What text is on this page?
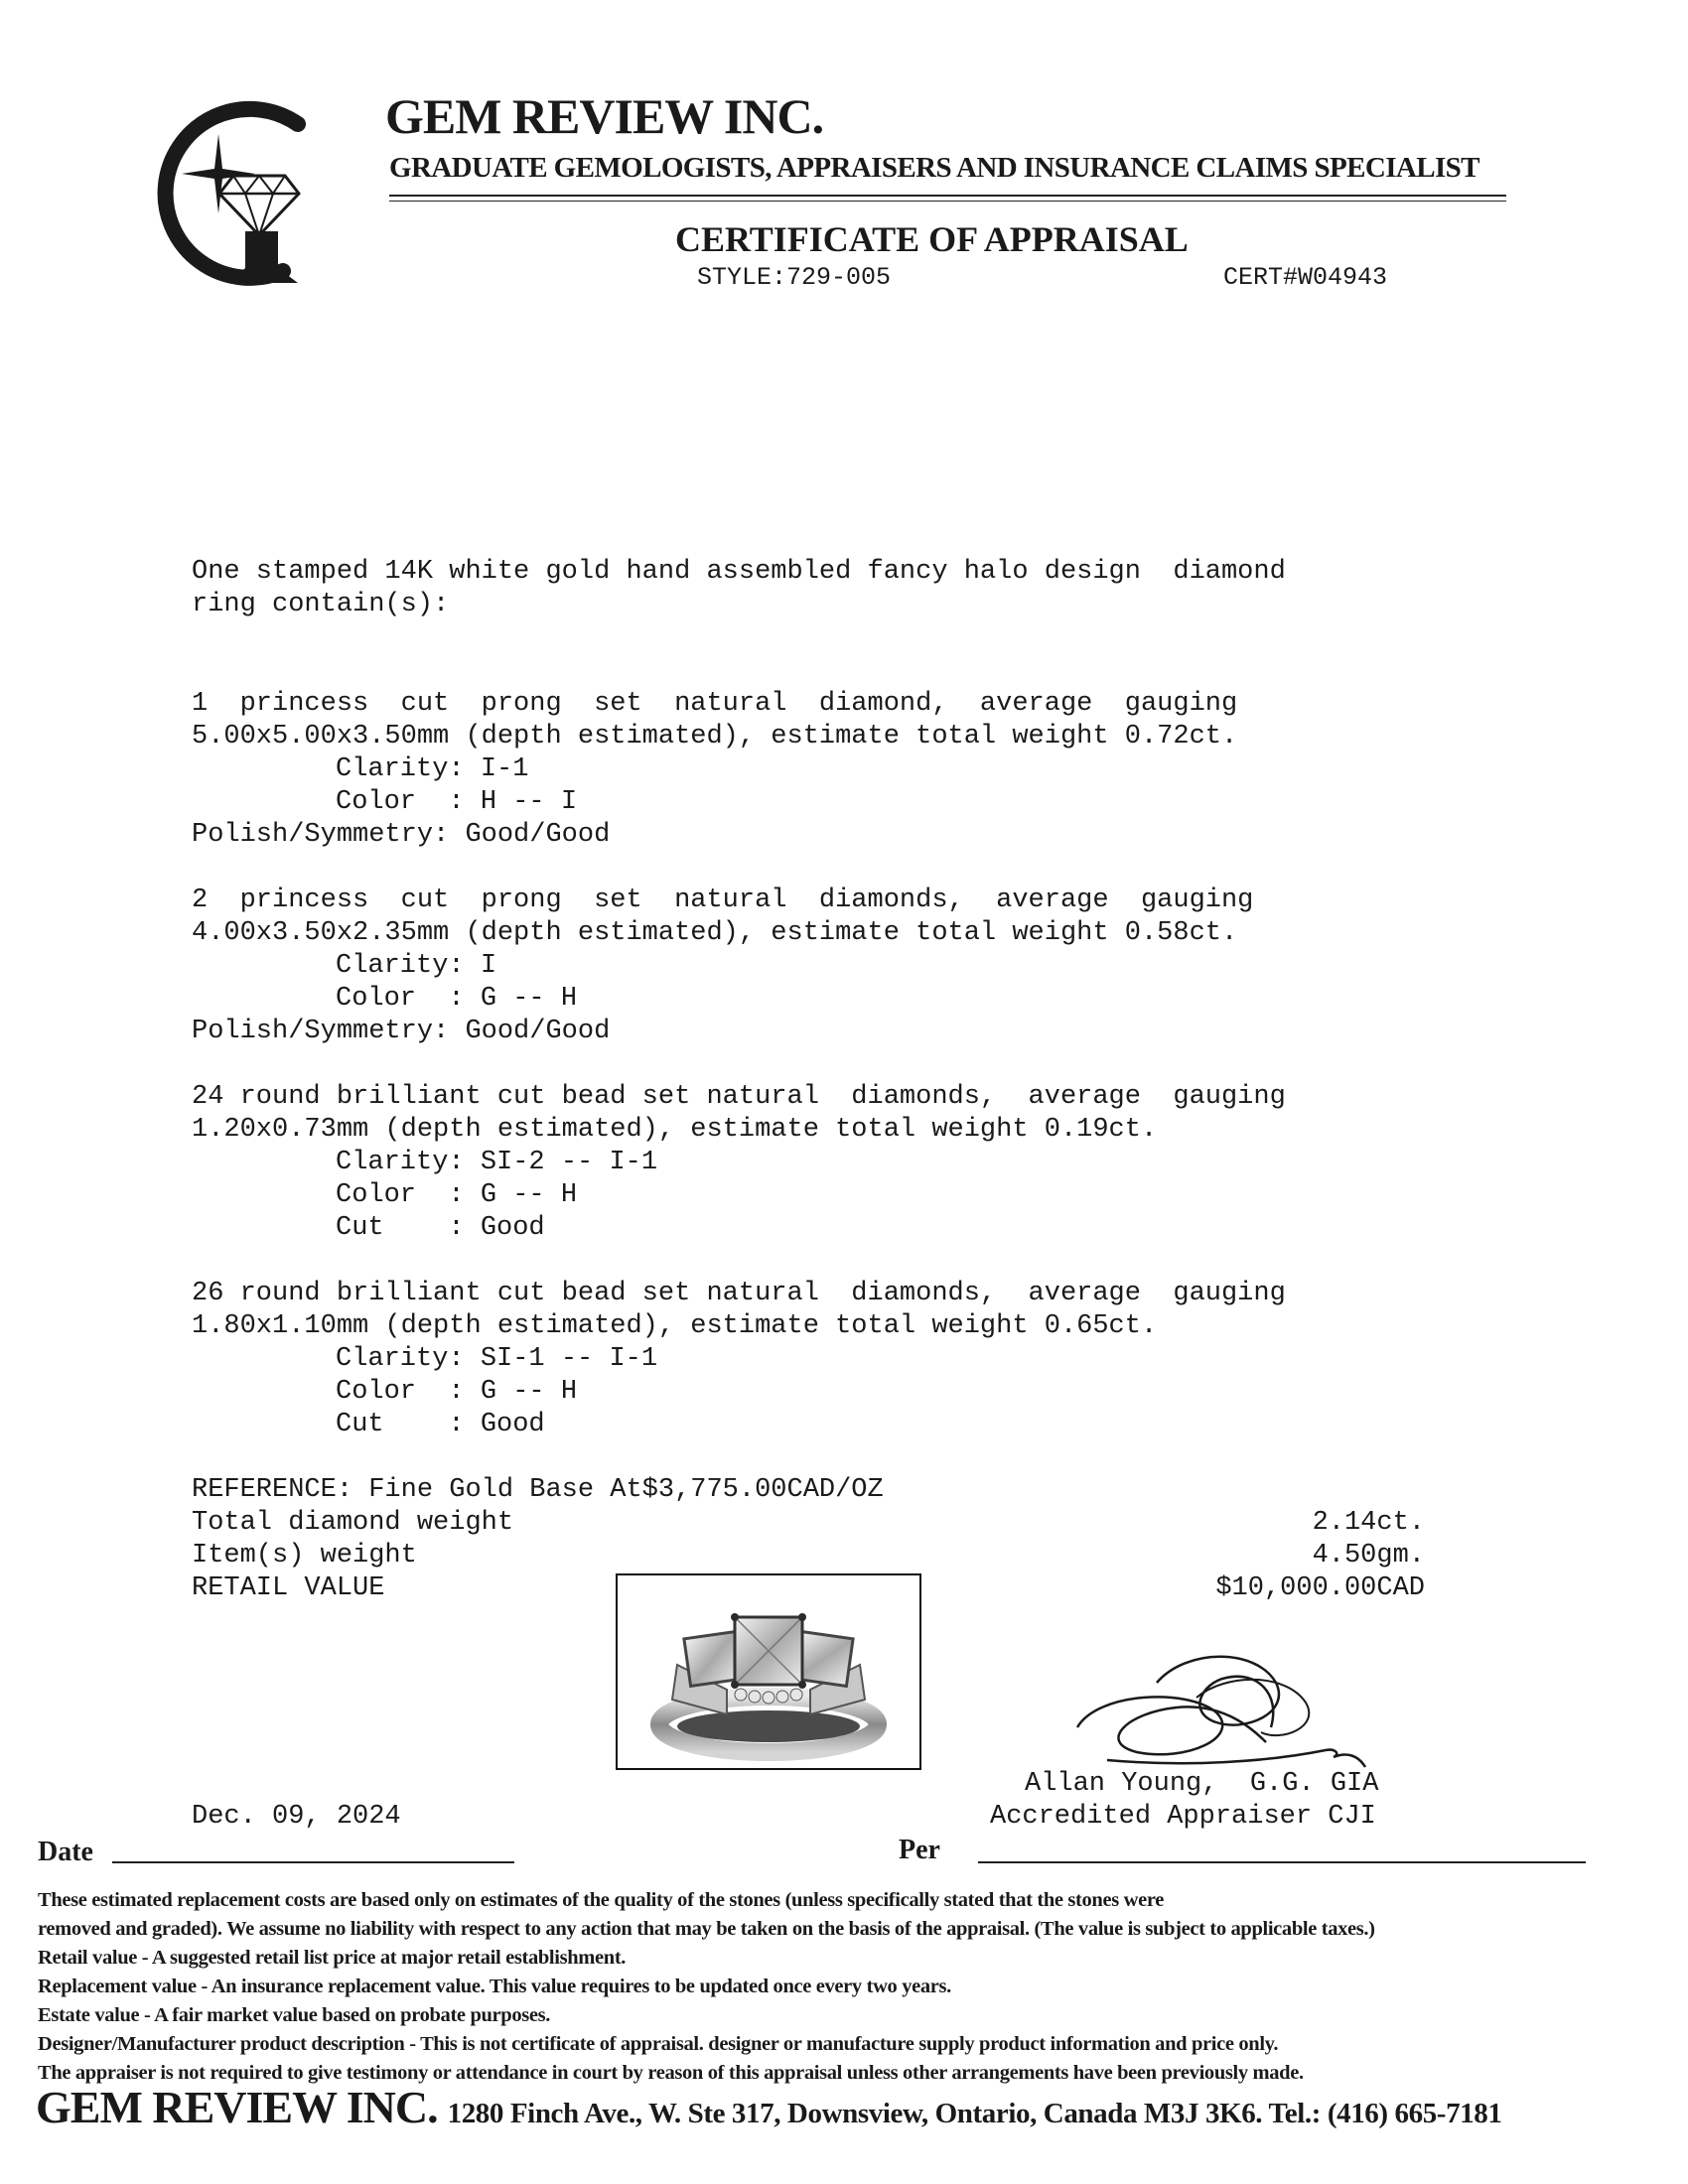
GEM REVIEW INC.
GRADUATE GEMOLOGISTS, APPRAISERS AND INSURANCE CLAIMS SPECIALIST
CERTIFICATE OF APPRAISAL
STYLE:729-005	CERT#W04943
One stamped 14K white gold hand assembled fancy halo design  diamond
ring contain(s):
1  princess  cut  prong  set  natural  diamond,  average  gauging
5.00x5.00x3.50mm (depth estimated), estimate total weight 0.72ct.
Clarity: I-1
Color  : H -- I
Polish/Symmetry: Good/Good
2  princess  cut  prong  set  natural  diamonds,  average  gauging
4.00x3.50x2.35mm (depth estimated), estimate total weight 0.58ct.
Clarity: I
Color  : G -- H
Polish/Symmetry: Good/Good
24 round brilliant cut bead set natural  diamonds,  average  gauging
1.20x0.73mm (depth estimated), estimate total weight 0.19ct.
Clarity: SI-2 -- I-1
Color  : G -- H
Cut    : Good
26 round brilliant cut bead set natural  diamonds,  average  gauging
1.80x1.10mm (depth estimated), estimate total weight 0.65ct.
Clarity: SI-1 -- I-1
Color  : G -- H
Cut    : Good
REFERENCE: Fine Gold Base At$3,775.00CAD/OZ
Total diamond weight	2.14ct.
Item(s) weight	4.50gm.
RETAIL VALUE	$10,000.00CAD
Allan Young,  G.G. GIA
Accredited Appraiser CJI
Dec. 09, 2024
Date	Per
These estimated replacement costs are based only on estimates of the quality of the stones (unless specifically stated that the stones were
removed and graded). We assume no liability with respect to any action that may be taken on the basis of the appraisal. (The value is subject to applicable taxes.)
Retail value - A suggested retail list price at major retail establishment.
Replacement value - An insurance replacement value. This value requires to be updated once every two years.
Estate value - A fair market value based on probate purposes.
Designer/Manufacturer product description - This is not certificate of appraisal. designer or manufacture supply product information and price only.
The appraiser is not required to give testimony or attendance in court by reason of this appraisal unless other arrangements have been previously made.
GEM REVIEW INC. 1280 Finch Ave., W. Ste 317, Downsview, Ontario, Canada M3J 3K6. Tel.: (416) 665-7181
